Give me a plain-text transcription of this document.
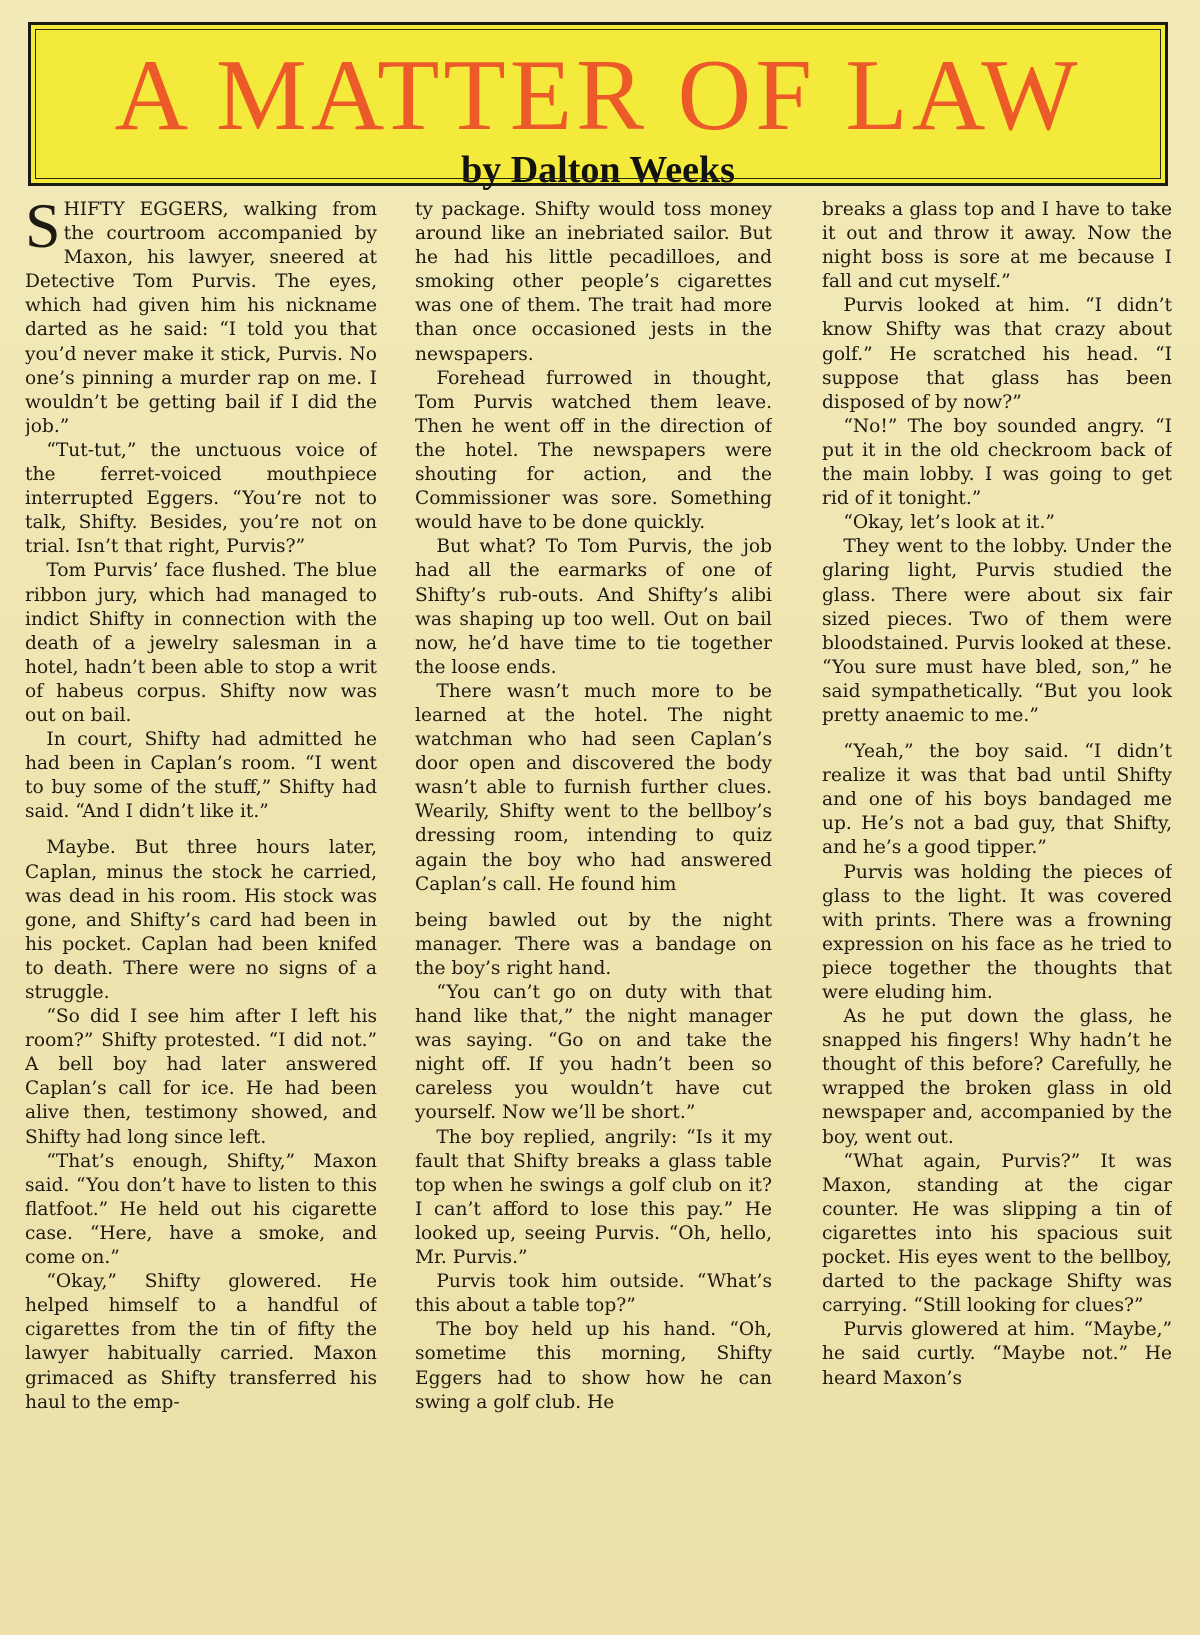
A MATTER OF LAW
by Dalton Weeks

SHIFTY EGGERS, walking from the courtroom accompanied by Maxon, his lawyer, sneered at Detective Tom Purvis. The eyes, which had given him his nickname darted as he said: “I told you that you’d never make it stick, Purvis. No one’s pinning a murder rap on me. I wouldn’t be getting bail if I did the job.”

“Tut-tut,” the unctuous voice of the ferret-voiced mouthpiece interrupted Eggers. “You’re not to talk, Shifty. Besides, you’re not on trial. Isn’t that right, Purvis?”

Tom Purvis’ face flushed. The blue ribbon jury, which had managed to indict Shifty in connection with the death of a jewelry salesman in a hotel, hadn’t been able to stop a writ of habeus corpus. Shifty now was out on bail.

In court, Shifty had admitted he had been in Caplan’s room. “I went to buy some of the stuff,” Shifty had said. “And I didn’t like it.”

Maybe. But three hours later, Caplan, minus the stock he carried, was dead in his room. His stock was gone, and Shifty’s card had been in his pocket. Caplan had been knifed to death. There were no signs of a struggle.

“So did I see him after I left his room?” Shifty protested. “I did not.” A bell boy had later answered Caplan’s call for ice. He had been alive then, testimony showed, and Shifty had long since left.

“That’s enough, Shifty,” Maxon said. “You don’t have to listen to this flatfoot.” He held out his cigarette case. “Here, have a smoke, and come on.”

“Okay,” Shifty glowered. He helped himself to a handful of cigarettes from the tin of fifty the lawyer habitually carried. Maxon grimaced as Shifty transferred his haul to the emp-

ty package. Shifty would toss money around like an inebriated sailor. But he had his little pecadilloes, and smoking other people’s cigarettes was one of them. The trait had more than once occasioned jests in the newspapers.

Forehead furrowed in thought, Tom Purvis watched them leave. Then he went off in the direction of the hotel. The newspapers were shouting for action, and the Commissioner was sore. Something would have to be done quickly.

But what? To Tom Purvis, the job had all the earmarks of one of Shifty’s rub-outs. And Shifty’s alibi was shaping up too well. Out on bail now, he’d have time to tie together the loose ends.

There wasn’t much more to be learned at the hotel. The night watchman who had seen Caplan’s door open and discovered the body wasn’t able to furnish further clues. Wearily, Shifty went to the bellboy’s dressing room, intending to quiz again the boy who had answered Caplan’s call. He found him

being bawled out by the night manager. There was a bandage on the boy’s right hand.

“You can’t go on duty with that hand like that,” the night manager was saying. “Go on and take the night off. If you hadn’t been so careless you wouldn’t have cut yourself. Now we’ll be short.”

The boy replied, angrily: “Is it my fault that Shifty breaks a glass table top when he swings a golf club on it? I can’t afford to lose this pay.” He looked up, seeing Purvis. “Oh, hello, Mr. Purvis.”

Purvis took him outside. “What’s this about a table top?”

The boy held up his hand. “Oh, sometime this morning, Shifty Eggers had to show how he can swing a golf club. He

breaks a glass top and I have to take it out and throw it away. Now the night boss is sore at me because I fall and cut myself.”

Purvis looked at him. “I didn’t know Shifty was that crazy about golf.” He scratched his head. “I suppose that glass has been disposed of by now?”

“No!” The boy sounded angry. “I put it in the old checkroom back of the main lobby. I was going to get rid of it tonight.”

“Okay, let’s look at it.”

They went to the lobby. Under the glaring light, Purvis studied the glass. There were about six fair sized pieces. Two of them were bloodstained. Purvis looked at these. “You sure must have bled, son,” he said sympathetically. “But you look pretty anaemic to me.”

“Yeah,” the boy said. “I didn’t realize it was that bad until Shifty and one of his boys bandaged me up. He’s not a bad guy, that Shifty, and he’s a good tipper.”

Purvis was holding the pieces of glass to the light. It was covered with prints. There was a frowning expression on his face as he tried to piece together the thoughts that were eluding him.

As he put down the glass, he snapped his fingers! Why hadn’t he thought of this before? Carefully, he wrapped the broken glass in old newspaper and, accompanied by the boy, went out.

“What again, Purvis?” It was Maxon, standing at the cigar counter. He was slipping a tin of cigarettes into his spacious suit pocket. His eyes went to the bellboy, darted to the package Shifty was carrying. “Still looking for clues?”

Purvis glowered at him. “Maybe,” he said curtly. “Maybe not.” He heard Maxon’s
